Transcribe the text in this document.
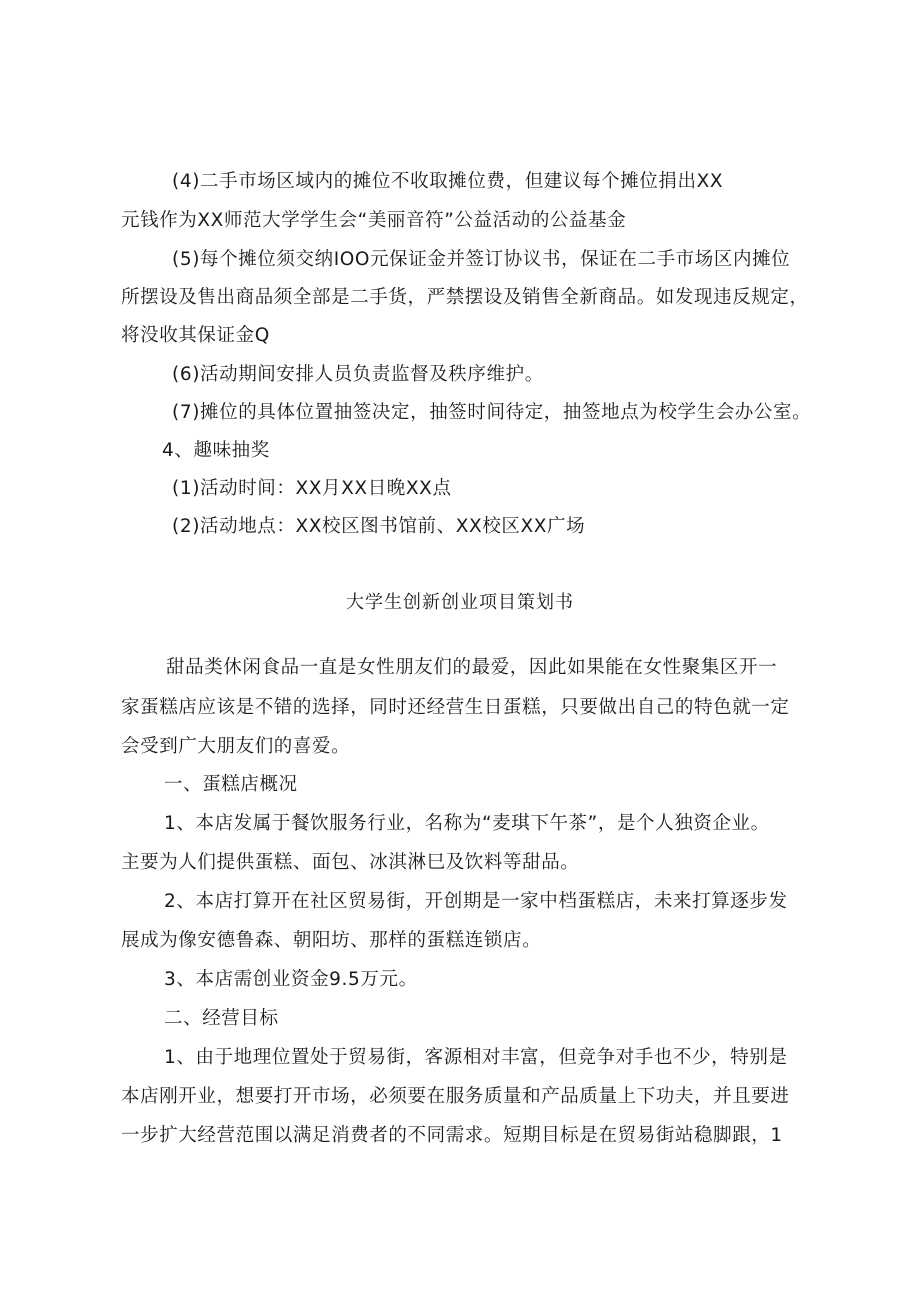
(4)二手市场区域内的摊位不收取摊位费，但建议每个摊位捐出XX

元钱作为XX师范大学学生会“美丽音符”公益活动的公益基金

(5)每个摊位须交纳IOO元保证金并签订协议书，保证在二手市场区内摊位

所摆设及售出商品须全部是二手货，严禁摆设及销售全新商品。如发现违反规定，

将没收其保证金Q

(6)活动期间安排人员负责监督及秩序维护。

(7)摊位的具体位置抽签决定，抽签时间待定，抽签地点为校学生会办公室。

4、趣味抽奖

(1)活动时间：XX月XX日晚XX点

(2)活动地点：XX校区图书馆前、XX校区XX广场

大学生创新创业项目策划书

甜品类休闲食品一直是女性朋友们的最爱，因此如果能在女性聚集区开一

家蛋糕店应该是不错的选择，同时还经营生日蛋糕，只要做出自己的特色就一定

会受到广大朋友们的喜爱。

一、蛋糕店概况

1、本店发属于餐饮服务行业，名称为“麦琪下午茶”，是个人独资企业。

主要为人们提供蛋糕、面包、冰淇淋巳及饮料等甜品。

2、本店打算开在社区贸易街，开创期是一家中档蛋糕店，未来打算逐步发

展成为像安德鲁森、朝阳坊、那样的蛋糕连锁店。

3、本店需创业资金9.5万元。

二、经营目标

1、由于地理位置处于贸易街，客源相对丰富，但竞争对手也不少，特别是

本店刚开业，想要打开市场，必须要在服务质量和产品质量上下功夫，并且要进

一步扩大经营范围以满足消费者的不同需求。短期目标是在贸易街站稳脚跟，1
